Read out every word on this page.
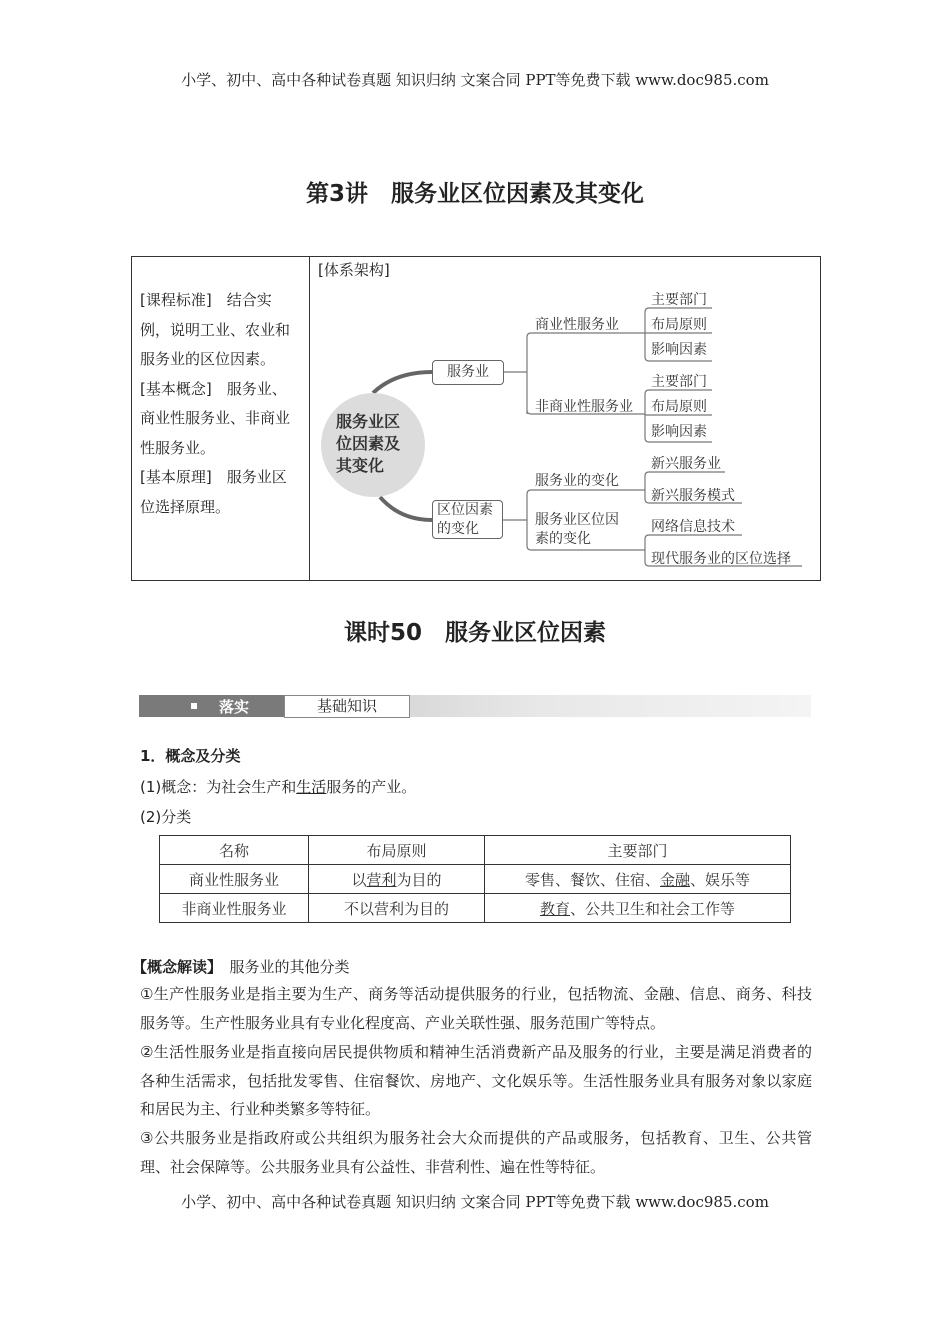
小学、初中、高中各种试卷真题 知识归纳 文案合同 PPT等免费下载 www.doc985.com
第3讲　服务业区位因素及其变化
[课程标准]　结合实例，说明工业、农业和服务业的区位因素。
[基本概念]　服务业、商业性服务业、非商业性服务业。
[基本原理]　服务业区位选择原理。
[体系架构]
服务业区
位因素及
其变化
服务业
区位因素
的变化
商业性服务业
非商业性服务业
服务业的变化
服务业区位因
素的变化
主要部门
布局原则
影响因素
主要部门
布局原则
影响因素
新兴服务业
新兴服务模式
网络信息技术
现代服务业的区位选择
课时50　服务业区位因素
落实	基础知识
1．概念及分类
(1)概念：为社会生产和生活服务的产业。
(2)分类
名称	布局原则	主要部门
商业性服务业	以营利为目的	零售、餐饮、住宿、金融、娱乐等
非商业性服务业	不以营利为目的	教育、公共卫生和社会工作等
【概念解读】　服务业的其他分类
①生产性服务业是指主要为生产、商务等活动提供服务的行业，包括物流、金融、信息、商务、科技服务等。生产性服务业具有专业化程度高、产业关联性强、服务范围广等特点。
②生活性服务业是指直接向居民提供物质和精神生活消费新产品及服务的行业，主要是满足消费者的各种生活需求，包括批发零售、住宿餐饮、房地产、文化娱乐等。生活性服务业具有服务对象以家庭和居民为主、行业种类繁多等特征。
③公共服务业是指政府或公共组织为服务社会大众而提供的产品或服务，包括教育、卫生、公共管理、社会保障等。公共服务业具有公益性、非营利性、遍在性等特征。
小学、初中、高中各种试卷真题 知识归纳 文案合同 PPT等免费下载 www.doc985.com
